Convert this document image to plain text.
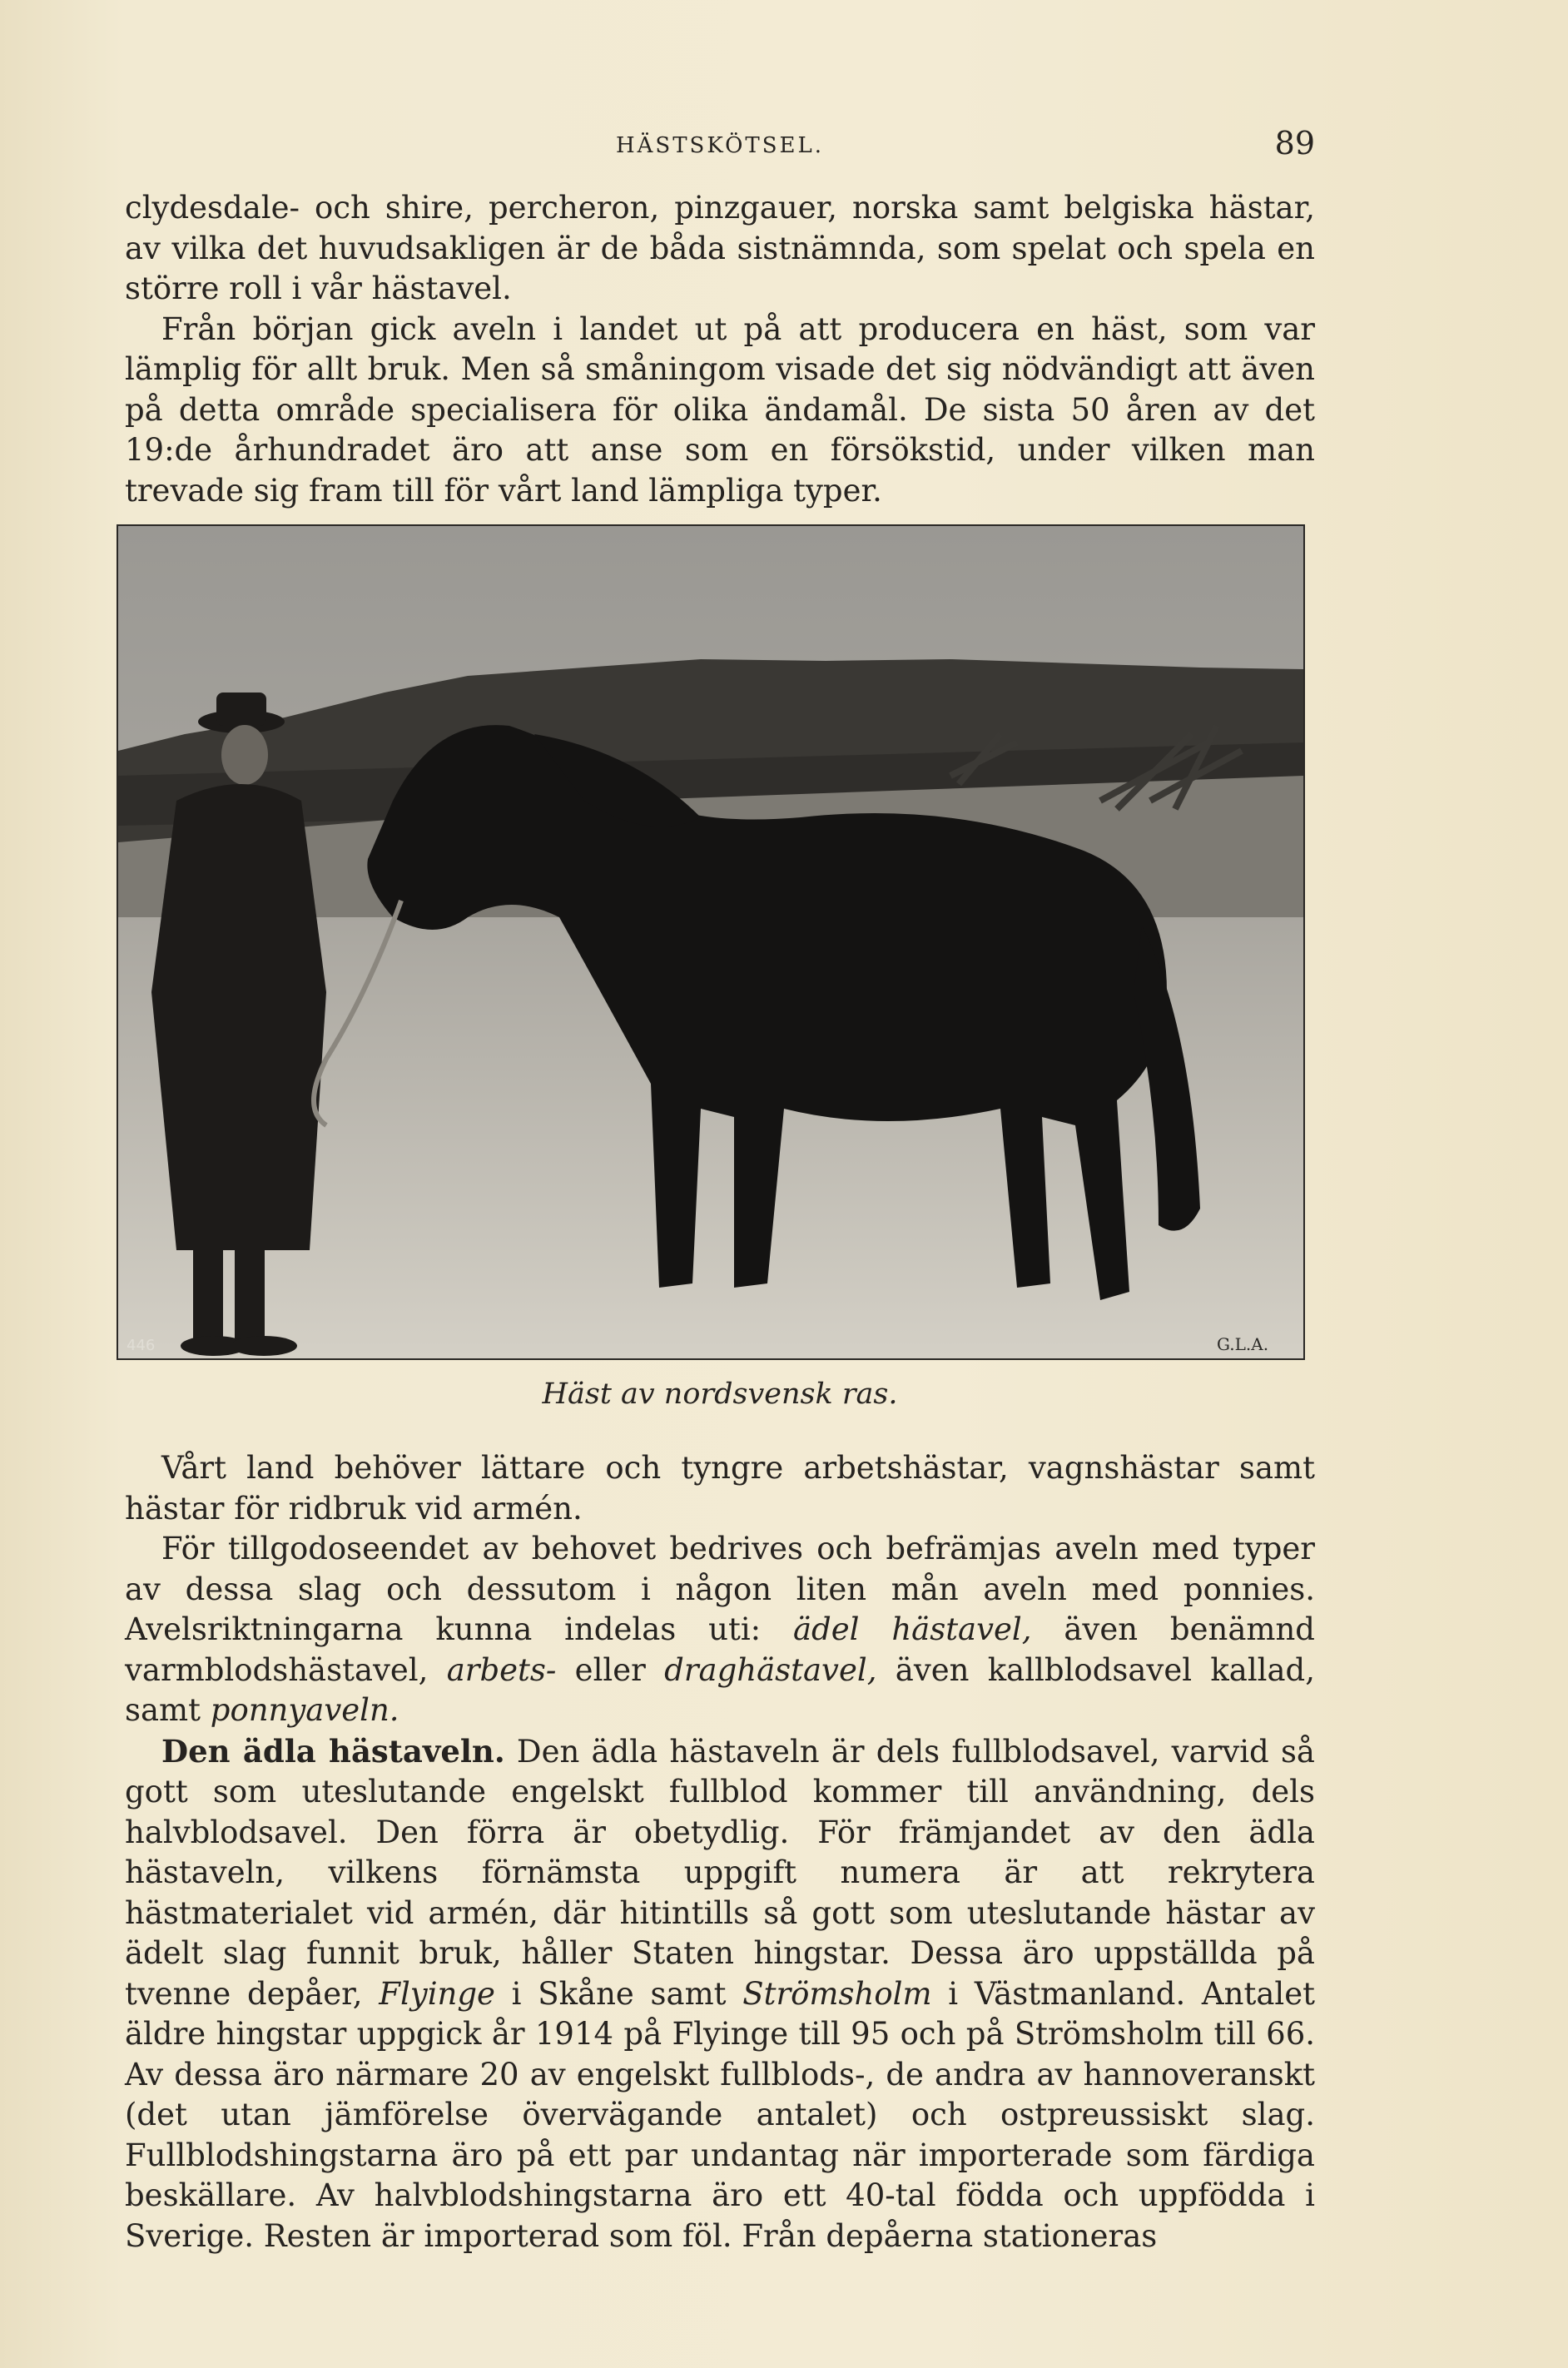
HÄSTSKÖTSEL.	89

clydesdale- och shire, percheron, pinzgauer, norska samt belgiska hästar, av vilka det huvudsakligen är de båda sistnämnda, som spelat och spela en större roll i vår hästavel.

Från början gick aveln i landet ut på att producera en häst, som var lämplig för allt bruk. Men så småningom visade det sig nödvändigt att även på detta område specialisera för olika ändamål. De sista 50 åren av det 19:de århundradet äro att anse som en försökstid, under vilken man trevade sig fram till för vårt land lämpliga typer.

446	G.L.A.
Häst av nordsvensk ras.

Vårt land behöver lättare och tyngre arbetshästar, vagnshästar samt hästar för ridbruk vid armén.

För tillgodoseendet av behovet bedrives och befrämjas aveln med typer av dessa slag och dessutom i någon liten mån aveln med ponnies. Avelsriktningarna kunna indelas uti: ädel hästavel, även benämnd varmblodshästavel, arbets- eller draghästavel, även kallblodsavel kallad, samt ponnyaveln.

Den ädla hästaveln. Den ädla hästaveln är dels fullblodsavel, varvid så gott som uteslutande engelskt fullblod kommer till användning, dels halvblodsavel. Den förra är obetydlig. För främjandet av den ädla hästaveln, vilkens förnämsta uppgift numera är att rekrytera hästmaterialet vid armén, där hitintills så gott som uteslutande hästar av ädelt slag funnit bruk, håller Staten hingstar. Dessa äro uppställda på tvenne depåer, Flyinge i Skåne samt Strömsholm i Västmanland. Antalet äldre hingstar uppgick år 1914 på Flyinge till 95 och på Strömsholm till 66. Av dessa äro närmare 20 av engelskt fullblods-, de andra av hannoveranskt (det utan jämförelse övervägande antalet) och ostpreussiskt slag. Fullblodshingstarna äro på ett par undantag när importerade som färdiga beskällare. Av halvblodshingstarna äro ett 40-tal födda och uppfödda i Sverige. Resten är importerad som föl. Från depåerna stationeras
